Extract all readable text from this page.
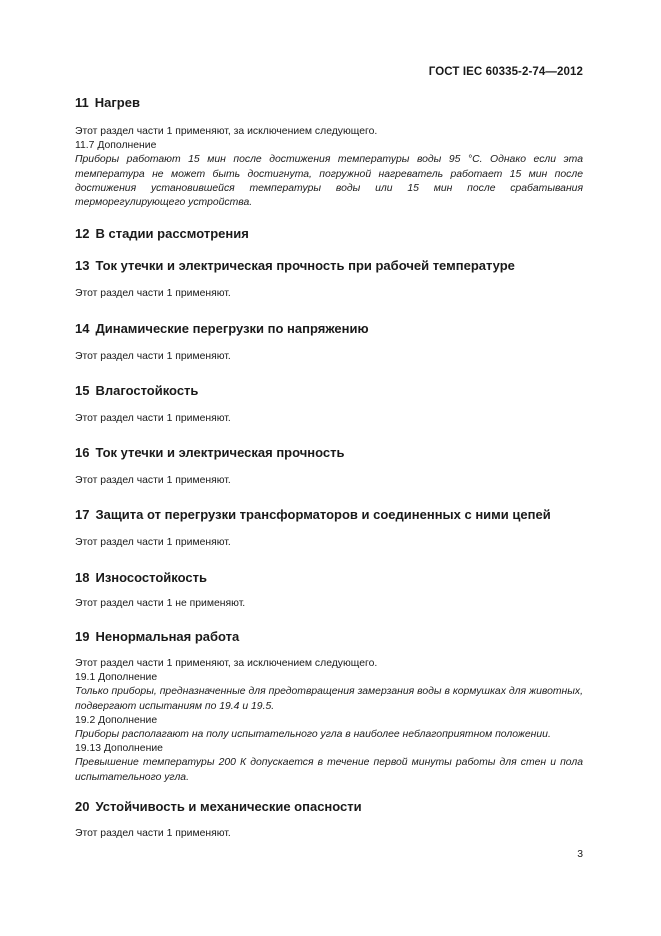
ГОСТ IEC 60335-2-74—2012
11 Нагрев

Этот раздел части 1 применяют, за исключением следующего.

11.7 Дополнение

Приборы работают 15 мин после достижения температуры воды 95 °С. Однако если эта температура не может быть достигнута, погружной нагреватель работает 15 мин после достижения установившейся температуры воды или 15 мин после срабатывания терморегулирующего устройства.

12 В стадии рассмотрения
13 Ток утечки и электрическая прочность при рабочей температуре

Этот раздел части 1 применяют.

14 Динамические перегрузки по напряжению

Этот раздел части 1 применяют.

15 Влагостойкость

Этот раздел части 1 применяют.

16 Ток утечки и электрическая прочность

Этот раздел части 1 применяют.

17 Защита от перегрузки трансформаторов и соединенных с ними цепей

Этот раздел части 1 применяют.

18 Износостойкость

Этот раздел части 1 не применяют.

19 Ненормальная работа

Этот раздел части 1 применяют, за исключением следующего.

19.1 Дополнение

Только приборы, предназначенные для предотвращения замерзания воды в кормушках для животных, подвергают испытаниям по 19.4 и 19.5.

19.2 Дополнение

Приборы располагают на полу испытательного угла в наиболее неблагоприятном положении.

19.13 Дополнение

Превышение температуры 200 К допускается в течение первой минуты работы для стен и пола испытательного угла.

20 Устойчивость и механические опасности

Этот раздел части 1 применяют.

3
